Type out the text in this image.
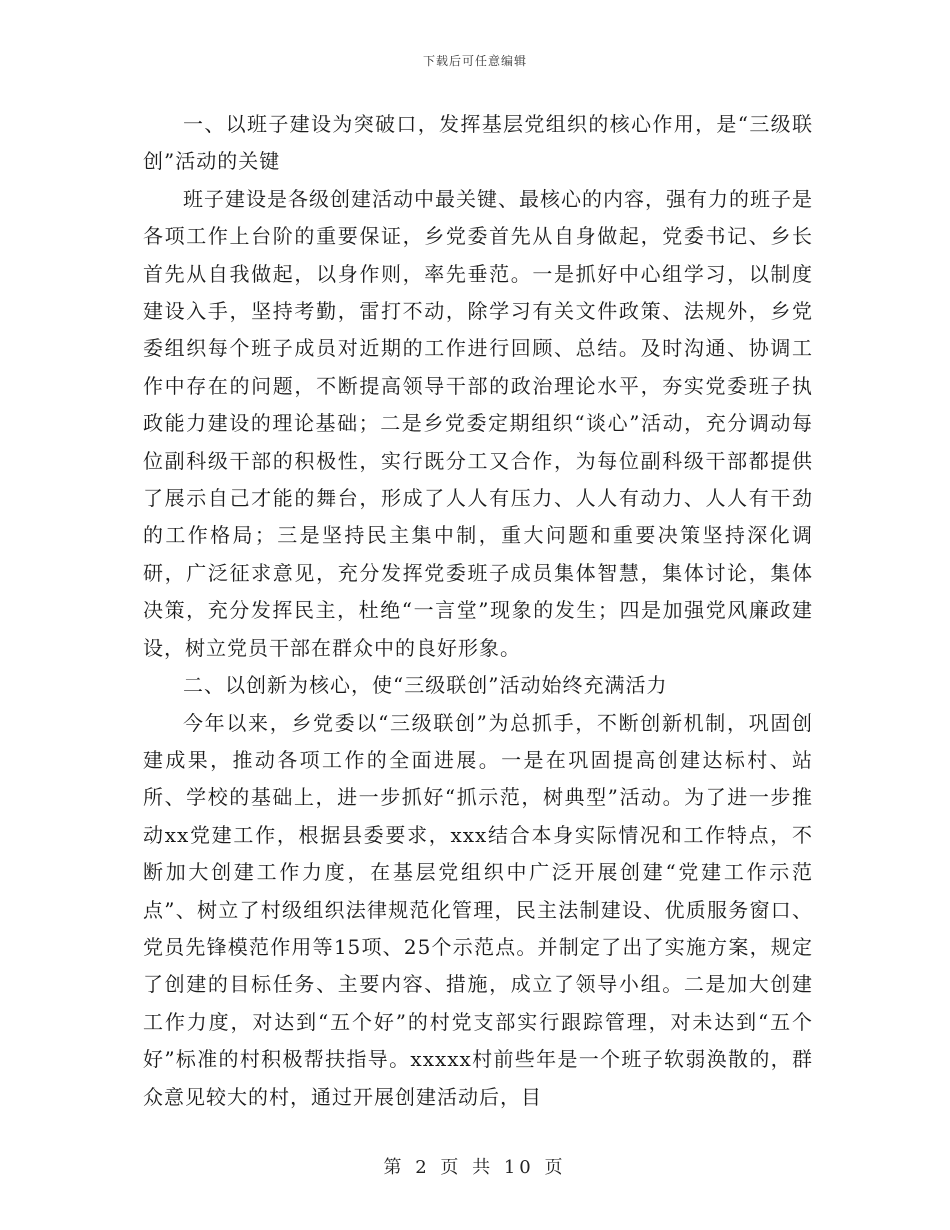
下载后可任意编辑

一、以班子建设为突破口，发挥基层党组织的核心作用，是“三级联创”活动的关键

班子建设是各级创建活动中最关键、最核心的内容，强有力的班子是各项工作上台阶的重要保证，乡党委首先从自身做起，党委书记、乡长首先从自我做起，以身作则，率先垂范。一是抓好中心组学习，以制度建设入手，坚持考勤，雷打不动，除学习有关文件政策、法规外，乡党委组织每个班子成员对近期的工作进行回顾、总结。及时沟通、协调工作中存在的问题，不断提高领导干部的政治理论水平，夯实党委班子执政能力建设的理论基础；二是乡党委定期组织“谈心”活动，充分调动每位副科级干部的积极性，实行既分工又合作，为每位副科级干部都提供了展示自己才能的舞台，形成了人人有压力、人人有动力、人人有干劲的工作格局；三是坚持民主集中制，重大问题和重要决策坚持深化调研，广泛征求意见，充分发挥党委班子成员集体智慧，集体讨论，集体决策，充分发挥民主，杜绝“一言堂”现象的发生；四是加强党风廉政建设，树立党员干部在群众中的良好形象。

二、以创新为核心，使“三级联创”活动始终充满活力

今年以来，乡党委以“三级联创”为总抓手，不断创新机制，巩固创建成果，推动各项工作的全面进展。一是在巩固提高创建达标村、站所、学校的基础上，进一步抓好“抓示范，树典型”活动。为了进一步推动xx党建工作，根据县委要求，xxx结合本身实际情况和工作特点，不断加大创建工作力度，在基层党组织中广泛开展创建“党建工作示范点”、树立了村级组织法律规范化管理，民主法制建设、优质服务窗口、党员先锋模范作用等15项、25个示范点。并制定了出了实施方案，规定了创建的目标任务、主要内容、措施，成立了领导小组。二是加大创建工作力度，对达到“五个好”的村党支部实行跟踪管理，对未达到“五个好”标准的村积极帮扶指导。xxxxx村前些年是一个班子软弱涣散的，群众意见较大的村，通过开展创建活动后，目

第 2 页 共 10 页
